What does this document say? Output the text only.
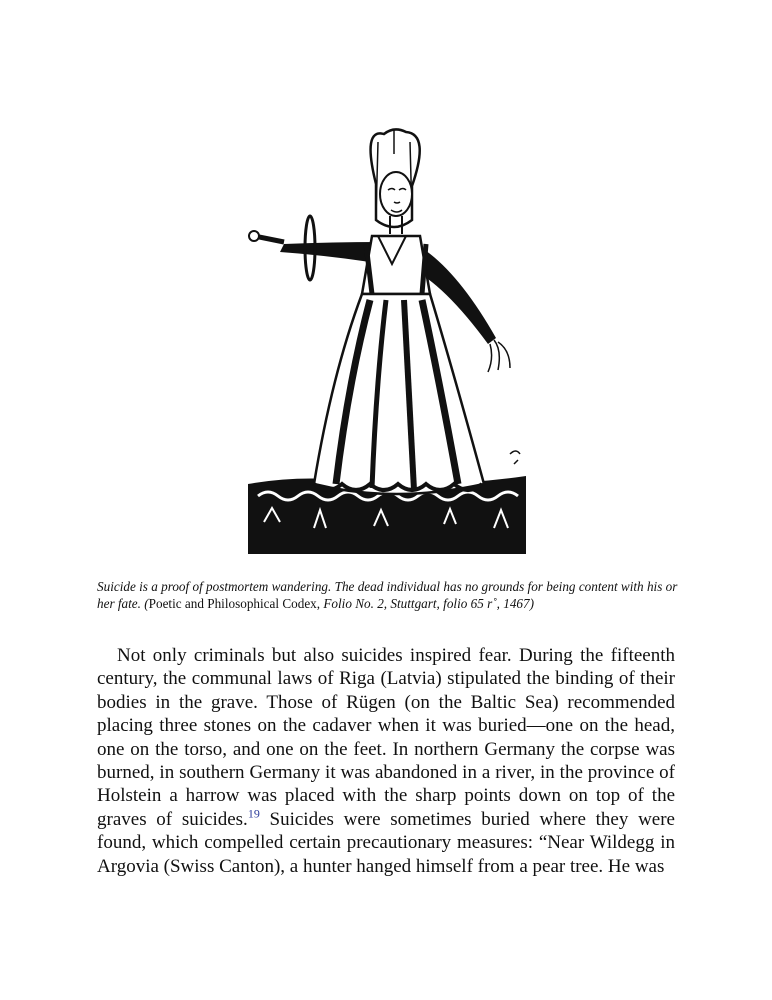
Suicide is a proof of postmortem wandering. The dead individual has no grounds for being content with his or her fate. (Poetic and Philosophical Codex, Folio No. 2, Stuttgart, folio 65 r˚, 1467)

Not only criminals but also suicides inspired fear. During the fifteenth century, the communal laws of Riga (Latvia) stipulated the binding of their bodies in the grave. Those of Rügen (on the Baltic Sea) recommended placing three stones on the cadaver when it was buried—one on the head, one on the torso, and one on the feet. In northern Germany the corpse was burned, in southern Germany it was abandoned in a river, in the province of Holstein a harrow was placed with the sharp points down on top of the graves of suicides.$^{19}$ Suicides were sometimes buried where they were found, which compelled certain precautionary measures: “Near Wildegg in Argovia (Swiss Canton), a hunter hanged himself from a pear tree. He was
